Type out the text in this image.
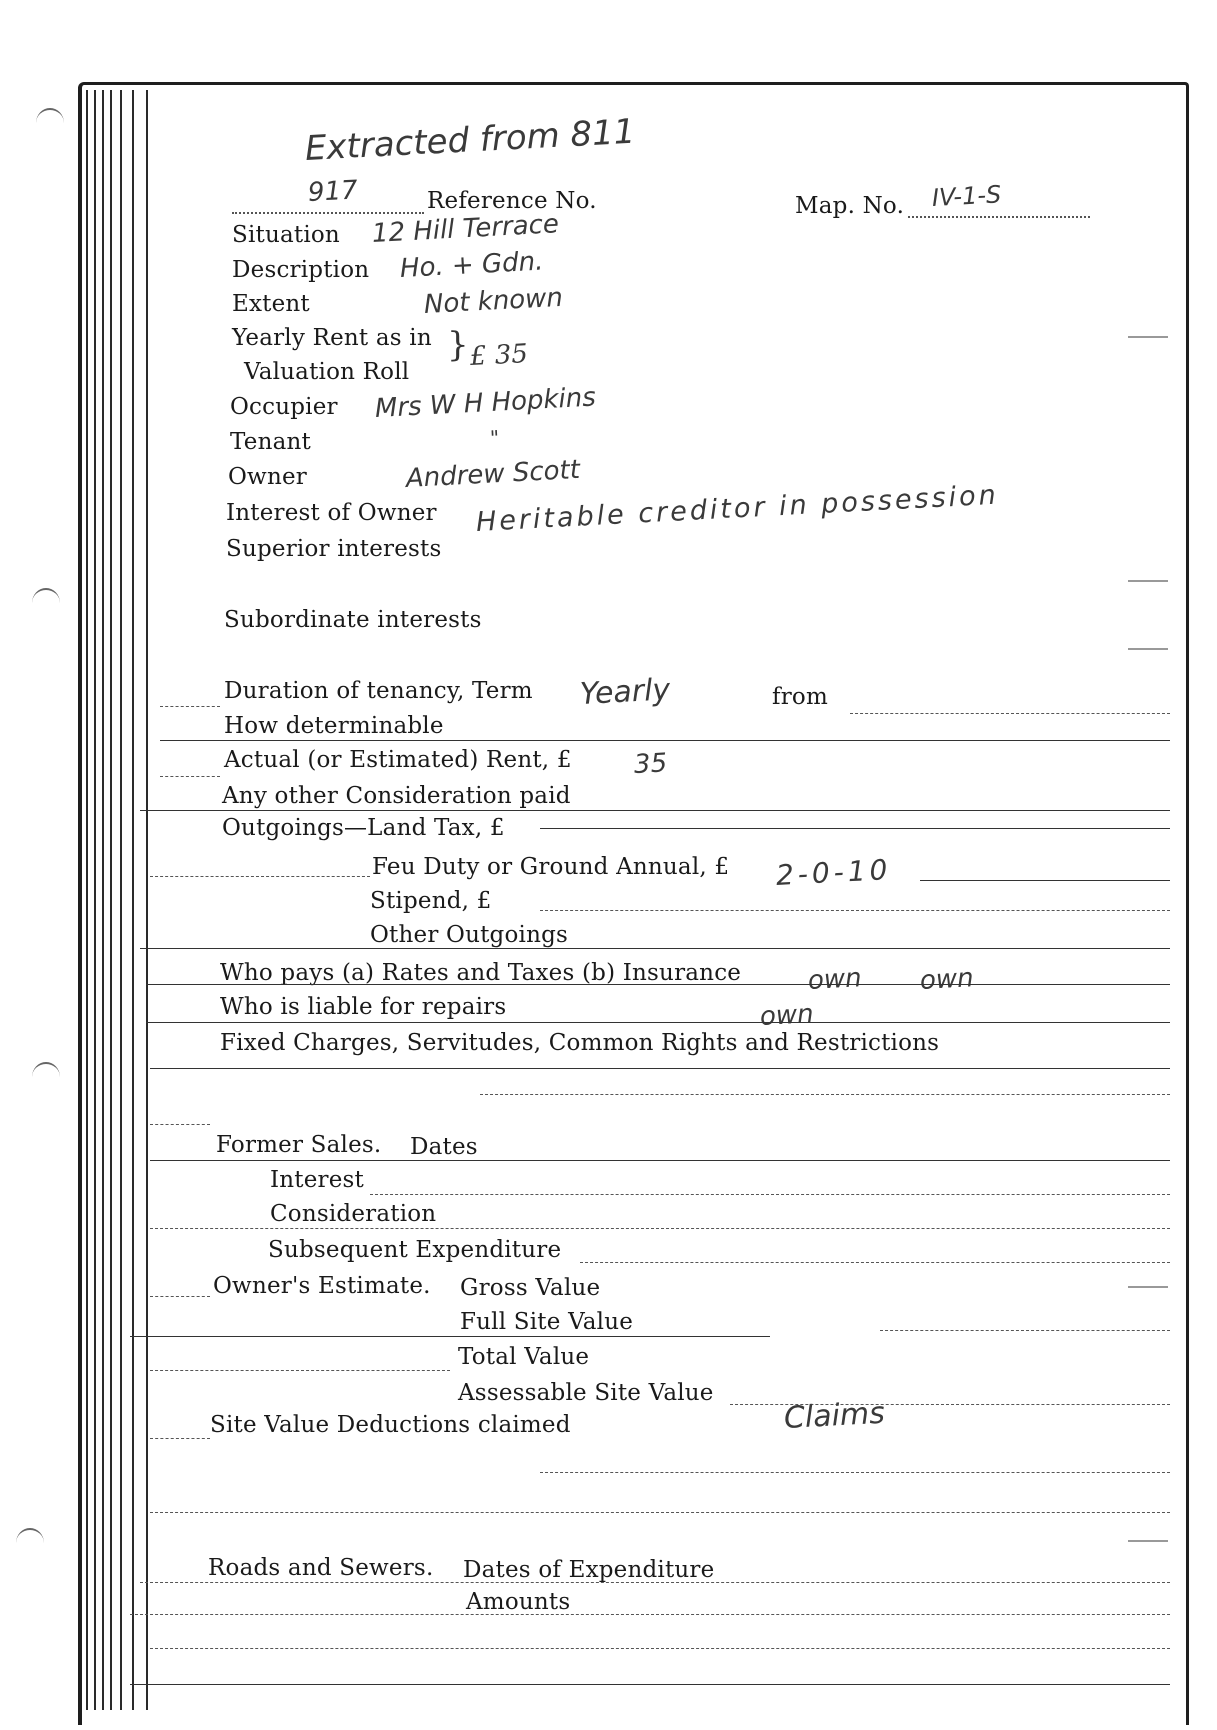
Extracted from 811
917	Reference No.	Map. No. IV-1-S
Situation 12 Hill Terrace
Description Ho. + Gdn.
Extent	Not known
Yearly Rent as in
Valuation Roll
} £ 35
Occupier Mrs W H Hopkins
Tenant	"
Owner	Andrew Scott
Interest of Owner Heritable creditor in possession
Superior interests
Subordinate interests
Duration of tenancy, Term Yearly	from
How determinable
Actual (or Estimated) Rent, £ 35
Any other Consideration paid
Outgoings—Land Tax, £
Feu Duty or Ground Annual, £ 2-0-10
Stipend, £
Other Outgoings
Who pays (a) Rates and Taxes (b) Insurance	own own
Who is liable for repairs	own
Fixed Charges, Servitudes, Common Rights and Restrictions
Former Sales. Dates
Interest
Consideration
Subsequent Expenditure
Owner's Estimate. Gross Value
Full Site Value
Total Value
Assessable Site Value
Site Value Deductions claimed	Claims
Roads and Sewers. Dates of Expenditure
Amounts
